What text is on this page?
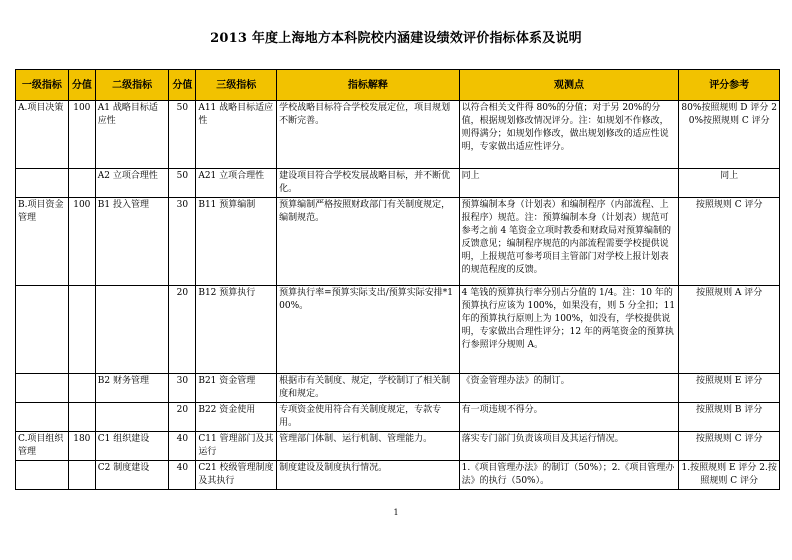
2013 年度上海地方本科院校内涵建设绩效评价指标体系及说明
一级指标	分值	二级指标	分值	三级指标	指标解释	观测点	评分参考
A.项目决策	100	A1 战略目标适应性	50	A11 战略目标适应性	学校战略目标符合学校发展定位，项目规划不断完善。	以符合相关文件得 80%的分值；对于另 20%的分值，根据规划修改情况评分。注：如规划不作修改，则得满分；如规划作修改，做出规划修改的适应性说明，专家做出适应性评分。	80%按照规则 D 评分 20%按照规则 C 评分
		A2 立项合理性	50	A21 立项合理性	建设项目符合学校发展战略目标，并不断优化。	同上	同上
B.项目资金管理	100	B1 投入管理	30	B11 预算编制	预算编制严格按照财政部门有关制度规定，编制规范。	预算编制本身（计划表）和编制程序（内部流程、上报程序）规范。注：预算编制本身（计划表）规范可参考之前 4 笔资金立项时教委和财政局对预算编制的反馈意见；编制程序规范的内部流程需要学校提供说明，上报规范可参考项目主管部门对学校上报计划表的规范程度的反馈。	按照规则 C 评分
			20	B12 预算执行	预算执行率=预算实际支出/预算实际安排*100%。	4 笔钱的预算执行率分别占分值的 1/4。注：10 年的预算执行应该为 100%，如果没有，则 5 分全扣；11 年的预算执行原则上为 100%，如没有，学校提供说明，专家做出合理性评分；12 年的两笔资金的预算执行参照评分规则 A。	按照规则 A 评分
		B2 财务管理	30	B21 资金管理	根据市有关制度、规定，学校制订了相关制度和规定。	《资金管理办法》的制订。	按照规则 E 评分
			20	B22 资金使用	专项资金使用符合有关制度规定，专款专用。	有一项违规不得分。	按照规则 B 评分
C.项目组织管理	180	C1 组织建设	40	C11 管理部门及其运行	管理部门体制、运行机制、管理能力。	落实专门部门负责该项目及其运行情况。	按照规则 C 评分
		C2 制度建设	40	C21 校级管理制度及其执行	制度建设及制度执行情况。	1.《项目管理办法》的制订（50%）；2.《项目管理办法》的执行（50%）。	1.按照规则 E 评分 2.按照规则 C 评分
1
